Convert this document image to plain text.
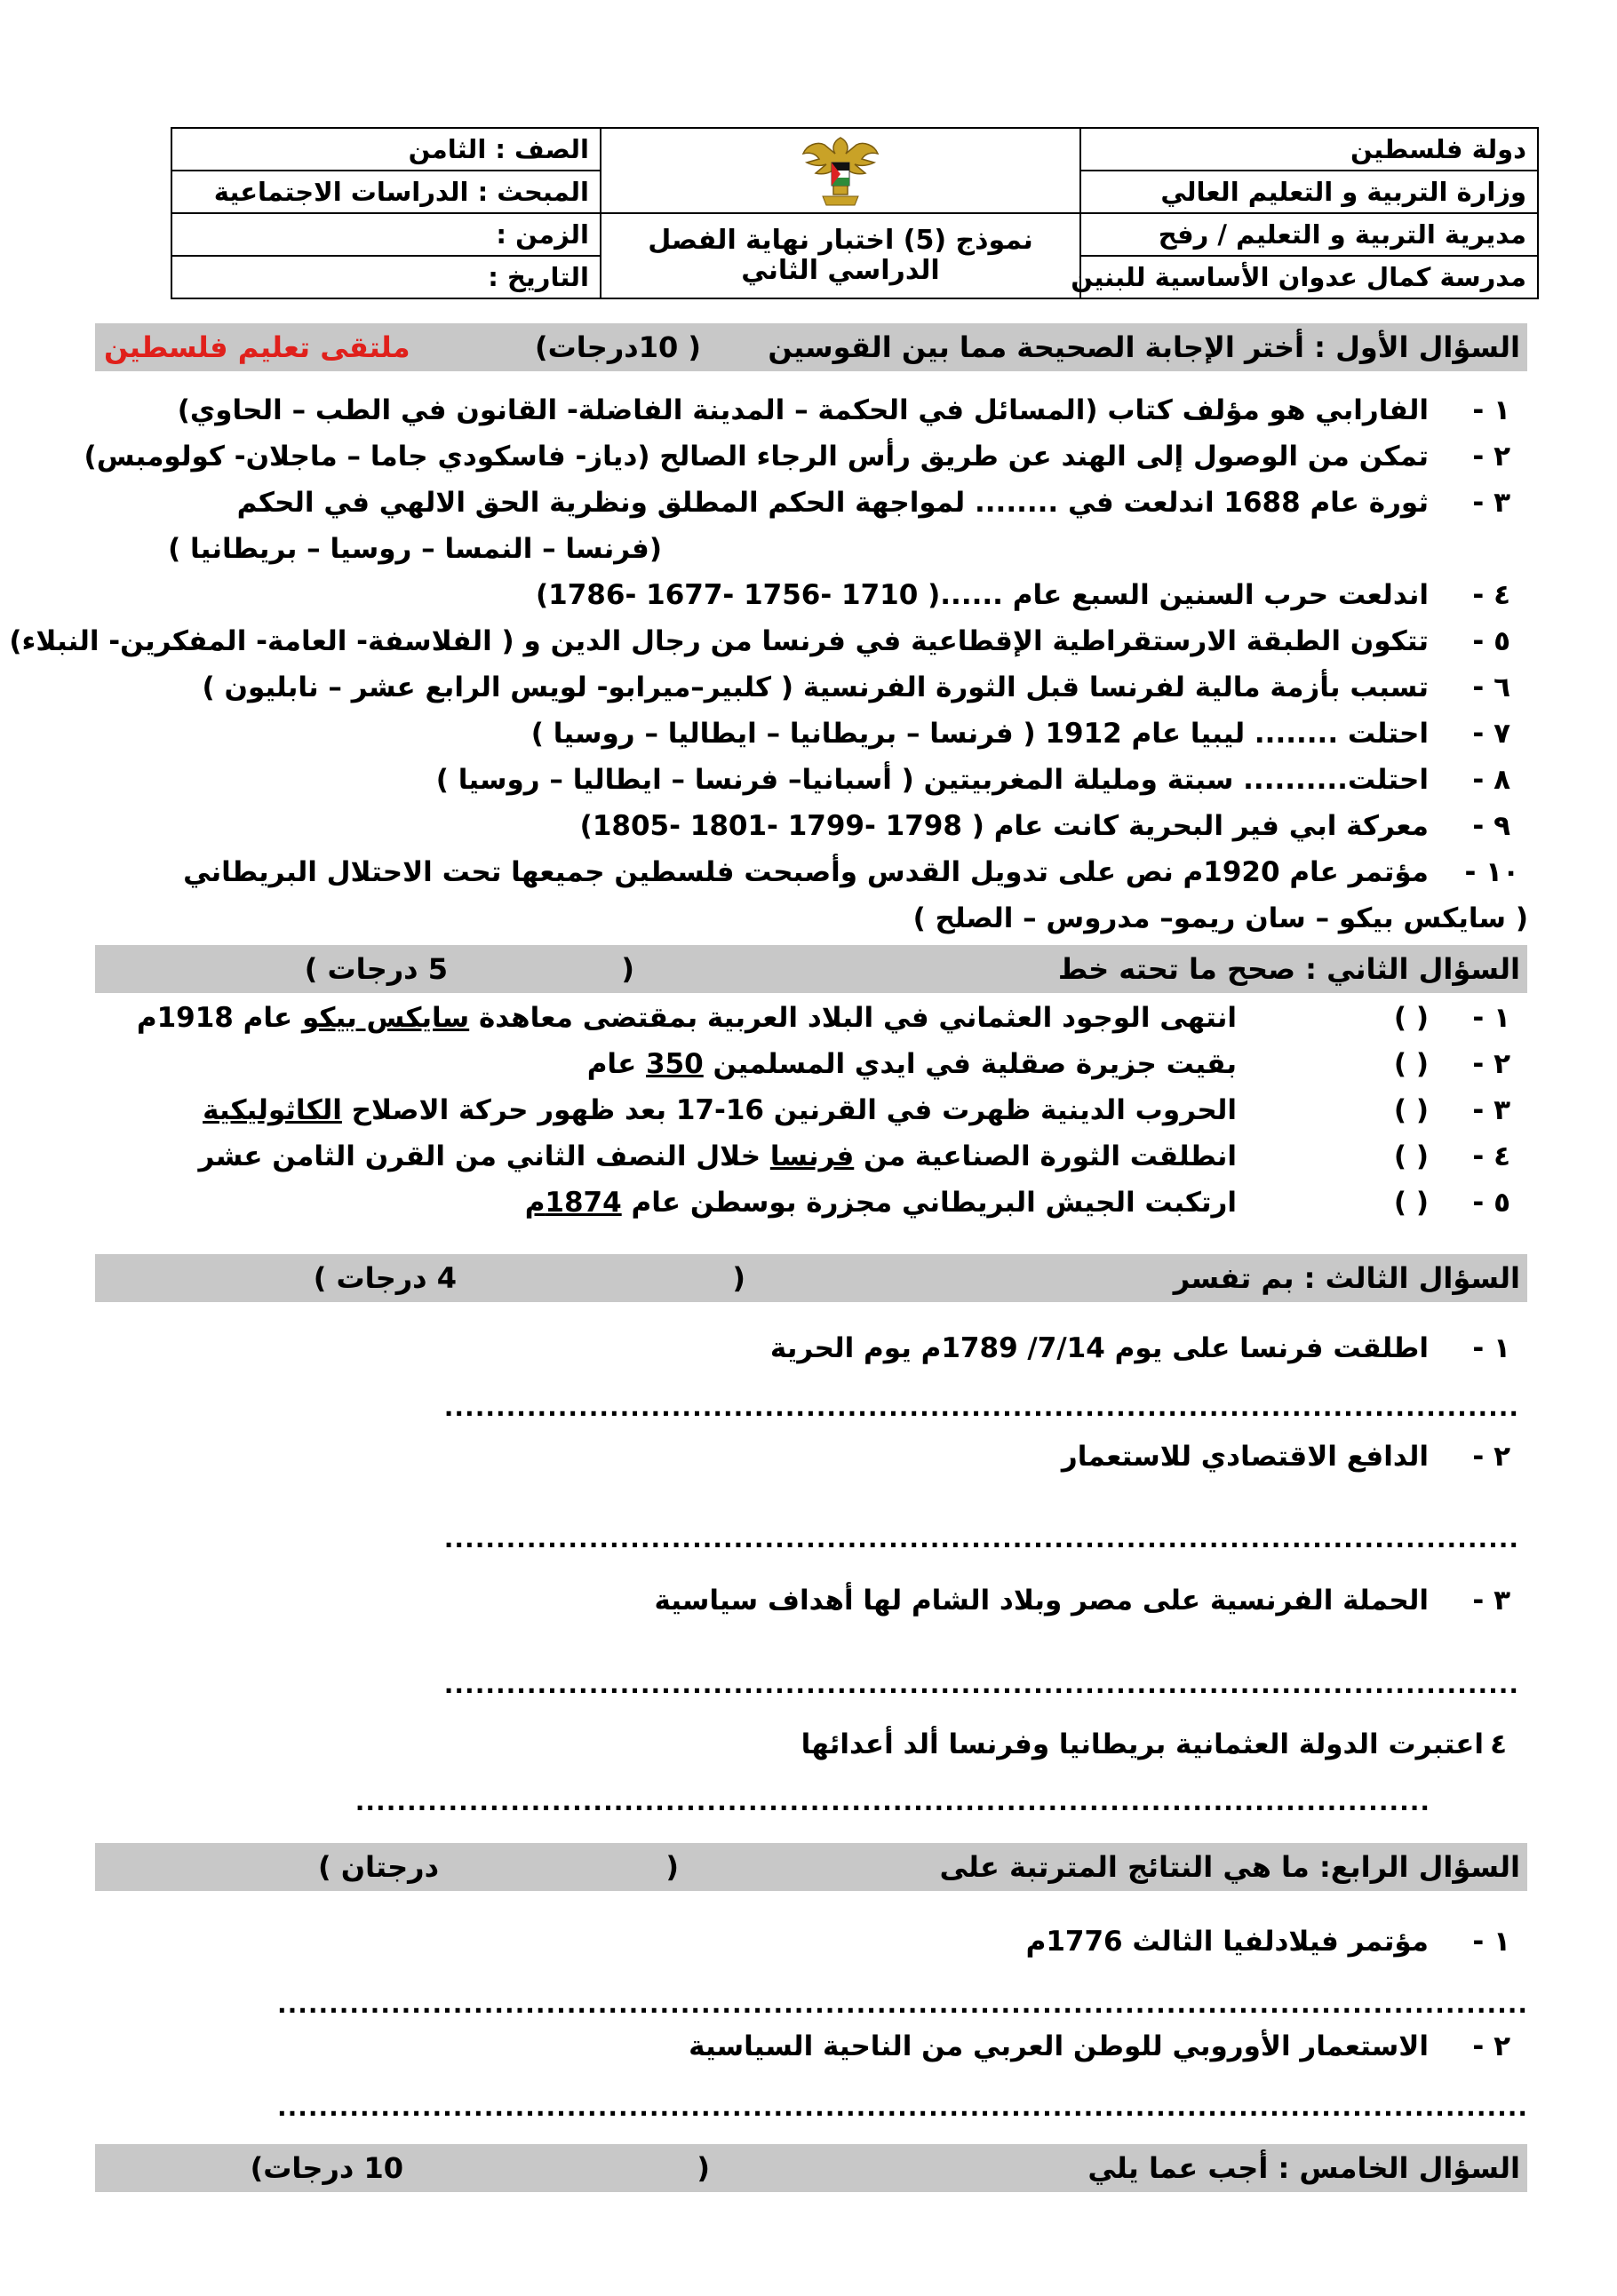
دولة فلسطين		الصف : الثامن
وزارة التربية و التعليم العالي		المبحث : الدراسات الاجتماعية
مديرية التربية و التعليم / رفح	نموذج (5) اختبار نهاية الفصل الدراسي الثاني	الزمن :
مدرسة كمال عدوان الأساسية للبنين		التاريخ :
السؤال الأول : أختر الإجابة الصحيحة مما بين القوسين
( 10درجات)
ملتقى تعليم فلسطين
١ -
الفارابي هو مؤلف كتاب (المسائل في الحكمة – المدينة الفاضلة- القانون في الطب – الحاوي)
٢ -
تمكن من الوصول إلى الهند عن طريق رأس الرجاء الصالح (دياز- فاسكودي جاما – ماجلان- كولومبس)
٣ -
ثورة عام 1688 اندلعت في ........ لمواجهة الحكم المطلق ونظرية الحق الالهي في الحكم
(فرنسا – النمسا – روسيا – بريطانيا )
٤ -
اندلعت حرب السنين السبع عام ......( 1710 -1756 -1677 -1786)
٥ -
تتكون الطبقة الارستقراطية الإقطاعية في فرنسا من رجال الدين و ( الفلاسفة- العامة- المفكرين- النبلاء)
٦ -
تسبب بأزمة مالية لفرنسا قبل الثورة الفرنسية ( كلبير–ميرابو- لويس الرابع عشر – نابليون )
٧ -
احتلت ........ ليبيا عام 1912 ( فرنسا – بريطانيا – ايطاليا – روسيا )
٨ -
احتلت.......... سبتة ومليلة المغربيتين ( أسبانيا– فرنسا – ايطاليا – روسيا )
٩ -
معركة ابي فير البحرية كانت عام ( 1798 -1799 -1801 -1805)
١٠ -
مؤتمر عام 1920م نص على تدويل القدس وأصبحت فلسطين جميعها تحت الاحتلال البريطاني
( سايكس بيكو – سان ريمو– مدروس – الصلح )
السؤال الثاني : صحح ما تحته خط
(
5 درجات )
١ -
( )
انتهى الوجود العثماني في البلاد العربية بمقتضى معاهدة سايكس بيكو عام 1918م
٢ -
( )
بقيت جزيرة صقلية في ايدي المسلمين 350 عام
٣ -
( )
الحروب الدينية ظهرت في القرنين 16-17 بعد ظهور حركة الاصلاح الكاثوليكية
٤ -
( )
انطلقت الثورة الصناعية من فرنسا خلال النصف الثاني من القرن الثامن عشر
٥ -
( )
ارتكبت الجيش البريطاني مجزرة بوسطن عام 1874م
السؤال الثالث : بم تفسر
(
4 درجات )
١ -
اطلقت فرنسا على يوم 7/14/ 1789م يوم الحرية
........................................................................................................
٢ -
الدافع الاقتصادي للاستعمار
........................................................................................................
٣ -
الحملة الفرنسية على مصر وبلاد الشام لها أهداف سياسية
........................................................................................................
٤
اعتبرت الدولة العثمانية بريطانيا وفرنسا ألد أعدائها
........................................................................................................
السؤال الرابع: ما هي النتائج المترتبة على
(
درجتان )
١ -
مؤتمر فيلادلفيا الثالث 1776م
.........................................................................................................................
٢ -
الاستعمار الأوروبي للوطن العربي من الناحية السياسية
.........................................................................................................................
السؤال الخامس : أجب عما يلي
(
10 درجات)
